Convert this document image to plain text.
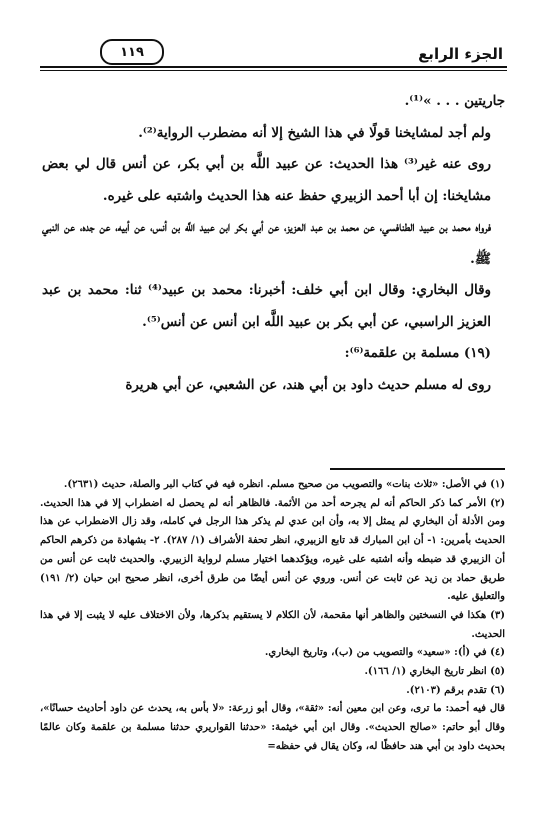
الجزء الرابع
١١٩

جاريتين . . . »⁽¹⁾.

ولم أجد لمشايخنا قولًا في هذا الشيخ إلا أنه مضطرب الرواية⁽²⁾.

روى عنه غير⁽³⁾ هذا الحديث: عن عبيد اللَّه بن أبي بكر، عن أنس قال لي بعض مشايخنا: إن أبا أحمد الزبيري حفظ عنه هذا الحديث واشتبه على غيره.

فرواه محمد بن عبيد الطنافسي، عن محمد بن عبد العزيز، عن أبي بكر ابن عبيد اللَّه بن أنس، عن أبيه، عن جده، عن النبي ﷺ.

وقال البخاري: وقال ابن أبي خلف: أخبرنا: محمد بن عبيد⁽⁴⁾ ثنا: محمد بن عبد العزيز الراسبي، عن أبي بكر بن عبيد اللَّه ابن أنس عن أنس⁽⁵⁾.

(١٩) مسلمة بن علقمة⁽⁶⁾:

روى له مسلم حديث داود بن أبي هند، عن الشعبي، عن أبي هريرة

(١) في الأصل: «ثلاث بنات» والتصويب من صحيح مسلم. انظره فيه في كتاب البر والصلة، حديث (٢٦٣١).

(٢) الأمر كما ذكر الحاكم أنه لم يجرحه أحد من الأئمة. فالظاهر أنه لم يحصل له اضطراب إلا في هذا الحديث. ومن الأدلة أن البخاري لم يمثل إلا به، وأن ابن عدي لم يذكر هذا الرجل في كامله، وقد زال الاضطراب عن هذا الحديث بأمرين: ١- أن ابن المبارك قد تابع الزبيري، انظر تحفة الأشراف (١/ ٢٨٧). ٢- بشهادة من ذكرهم الحاكم أن الزبيري قد ضبطه وأنه اشتبه على غيره، ويؤكدهما اختيار مسلم لرواية الزبيري. والحديث ثابت عن أنس من طريق حماد بن زيد عن ثابت عن أنس. وروي عن أنس أيضًا من طرق أخرى، انظر صحيح ابن حبان (٢/ ١٩١) والتعليق عليه.

(٣) هكذا في النسختين والظاهر أنها مقحمة، لأن الكلام لا يستقيم بذكرها، ولأن الاختلاف عليه لا يثبت إلا في هذا الحديث.

(٤) في (أ): «سعيد» والتصويب من (ب)، وتاريخ البخاري.

(٥) انظر تاريخ البخاري (١/ ١٦٦).

(٦) تقدم برقم (٢١٠٣).

قال فيه أحمد: ما ترى، وعن ابن معين أنه: «ثقة»، وقال أبو زرعة: «لا بأس به، يحدث عن داود أحاديث حسانًا»، وقال أبو حاتم: «صالح الحديث». وقال ابن أبي خيثمة: «حدثنا القواريري حدثنا مسلمة بن علقمة وكان عالمًا بحديث داود بن أبي هند حافظًا له، وكان يقال في حفظه=
